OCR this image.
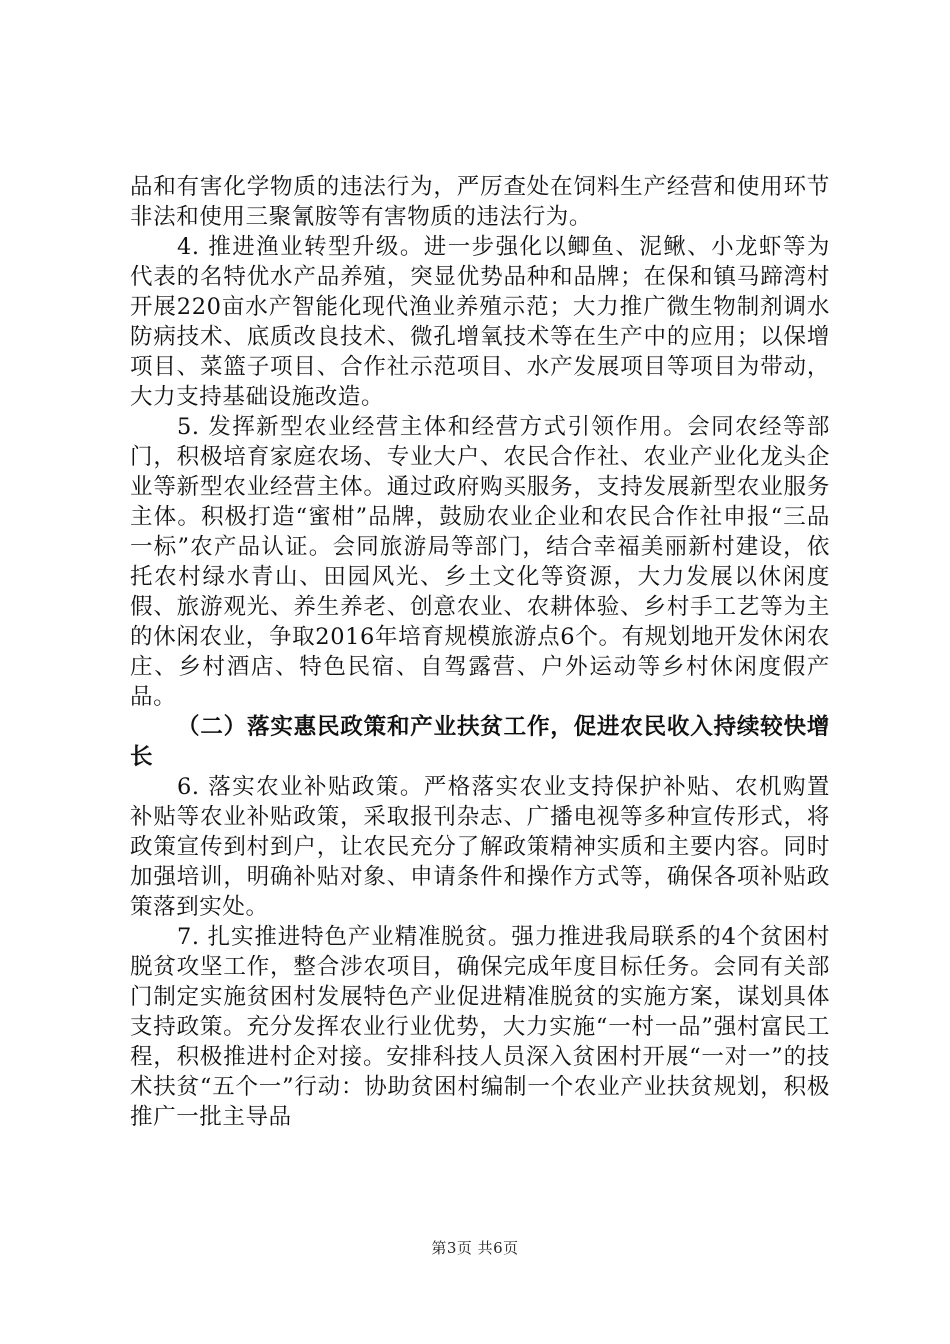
品和有害化学物质的违法行为，严厉查处在饲料生产经营和使用环节非法和使用三聚氰胺等有害物质的违法行为。

4. 推进渔业转型升级。进一步强化以鲫鱼、泥鳅、小龙虾等为代表的名特优水产品养殖，突显优势品种和品牌；在保和镇马蹄湾村开展220亩水产智能化现代渔业养殖示范；大力推广微生物制剂调水防病技术、底质改良技术、微孔增氧技术等在生产中的应用；以保增项目、菜篮子项目、合作社示范项目、水产发展项目等项目为带动，大力支持基础设施改造。

5. 发挥新型农业经营主体和经营方式引领作用。会同农经等部门，积极培育家庭农场、专业大户、农民合作社、农业产业化龙头企业等新型农业经营主体。通过政府购买服务，支持发展新型农业服务主体。积极打造“蜜柑”品牌，鼓励农业企业和农民合作社申报“三品一标”农产品认证。会同旅游局等部门，结合幸福美丽新村建设，依托农村绿水青山、田园风光、乡土文化等资源，大力发展以休闲度假、旅游观光、养生养老、创意农业、农耕体验、乡村手工艺等为主的休闲农业，争取2016年培育规模旅游点6个。有规划地开发休闲农庄、乡村酒店、特色民宿、自驾露营、户外运动等乡村休闲度假产品。

（二）落实惠民政策和产业扶贫工作，促进农民收入持续较快增长

6. 落实农业补贴政策。严格落实农业支持保护补贴、农机购置补贴等农业补贴政策，采取报刊杂志、广播电视等多种宣传形式，将政策宣传到村到户，让农民充分了解政策精神实质和主要内容。同时加强培训，明确补贴对象、申请条件和操作方式等，确保各项补贴政策落到实处。

7. 扎实推进特色产业精准脱贫。强力推进我局联系的4个贫困村脱贫攻坚工作，整合涉农项目，确保完成年度目标任务。会同有关部门制定实施贫困村发展特色产业促进精准脱贫的实施方案，谋划具体支持政策。充分发挥农业行业优势，大力实施“一村一品”强村富民工程，积极推进村企对接。安排科技人员深入贫困村开展“一对一”的技术扶贫“五个一”行动：协助贫困村编制一个农业产业扶贫规划，积极推广一批主导品

第3页 共6页
